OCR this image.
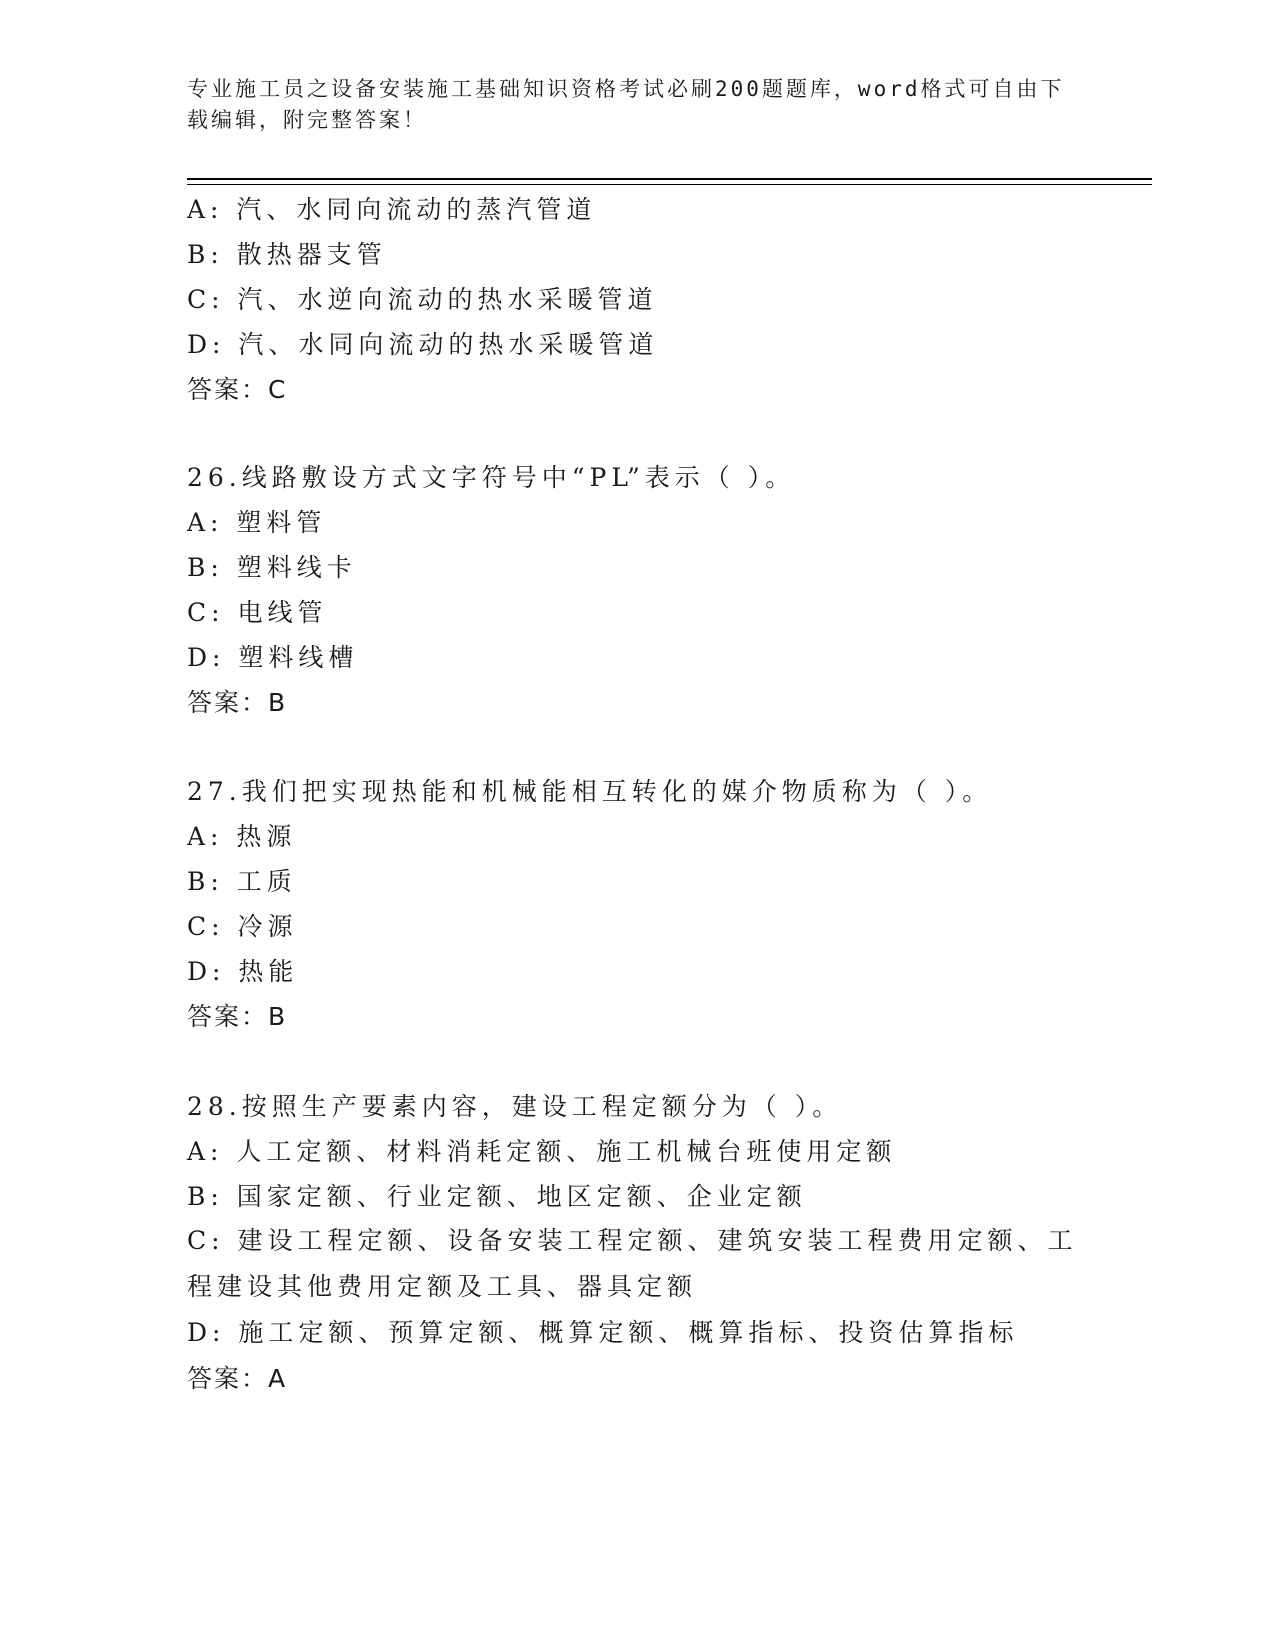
专业施工员之设备安装施工基础知识资格考试必刷200题题库，word格式可自由下载编辑，附完整答案！
A: 汽、水同向流动的蒸汽管道
B: 散热器支管
C: 汽、水逆向流动的热水采暖管道
D: 汽、水同向流动的热水采暖管道
答案：C
26.线路敷设方式文字符号中“PL”表示（ ）。
A: 塑料管
B: 塑料线卡
C: 电线管
D: 塑料线槽
答案：B
27.我们把实现热能和机械能相互转化的媒介物质称为（ ）。
A: 热源
B: 工质
C: 冷源
D: 热能
答案：B
28.按照生产要素内容，建设工程定额分为（ ）。
A: 人工定额、材料消耗定额、施工机械台班使用定额
B: 国家定额、行业定额、地区定额、企业定额
C: 建设工程定额、设备安装工程定额、建筑安装工程费用定额、工程建设其他费用定额及工具、器具定额
D: 施工定额、预算定额、概算定额、概算指标、投资估算指标
答案：A
